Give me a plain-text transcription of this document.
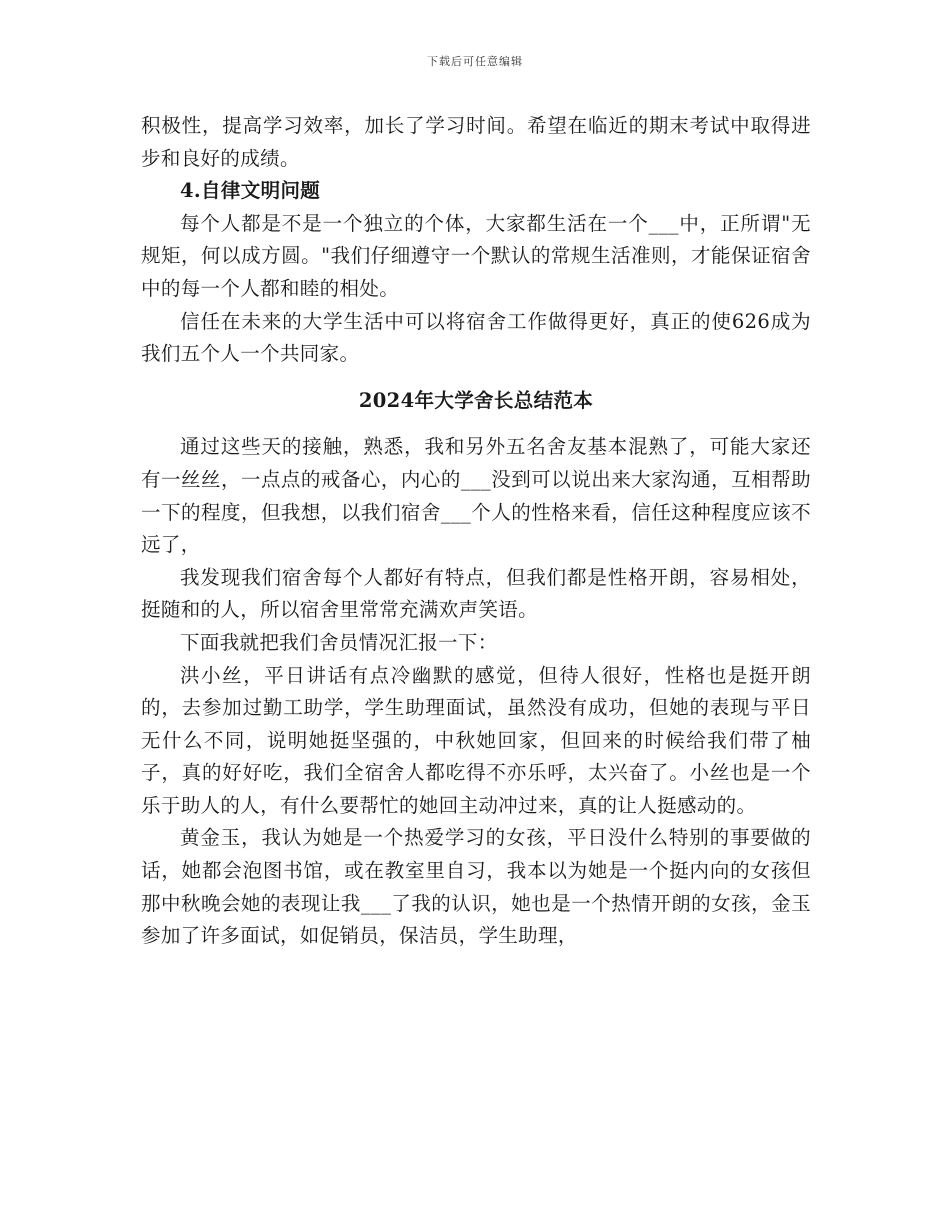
下载后可任意编辑

积极性，提高学习效率，加长了学习时间。希望在临近的期末考试中取得进步和良好的成绩。

4.自律文明问题

每个人都是不是一个独立的个体，大家都生活在一个___中，正所谓"无规矩，何以成方圆。"我们仔细遵守一个默认的常规生活准则，才能保证宿舍中的每一个人都和睦的相处。

信任在未来的大学生活中可以将宿舍工作做得更好，真正的使626成为我们五个人一个共同家。

2024年大学舍长总结范本

通过这些天的接触，熟悉，我和另外五名舍友基本混熟了，可能大家还有一丝丝，一点点的戒备心，内心的___没到可以说出来大家沟通，互相帮助一下的程度，但我想，以我们宿舍___个人的性格来看，信任这种程度应该不远了，

我发现我们宿舍每个人都好有特点，但我们都是性格开朗，容易相处，挺随和的人，所以宿舍里常常充满欢声笑语。

下面我就把我们舍员情况汇报一下：

洪小丝，平日讲话有点冷幽默的感觉，但待人很好，性格也是挺开朗的，去参加过勤工助学，学生助理面试，虽然没有成功，但她的表现与平日无什么不同，说明她挺坚强的，中秋她回家，但回来的时候给我们带了柚子，真的好好吃，我们全宿舍人都吃得不亦乐呼，太兴奋了。小丝也是一个乐于助人的人，有什么要帮忙的她回主动冲过来，真的让人挺感动的。

黄金玉，我认为她是一个热爱学习的女孩，平日没什么特别的事要做的话，她都会泡图书馆，或在教室里自习，我本以为她是一个挺内向的女孩但那中秋晚会她的表现让我___了我的认识，她也是一个热情开朗的女孩，金玉参加了许多面试，如促销员，保洁员，学生助理，
